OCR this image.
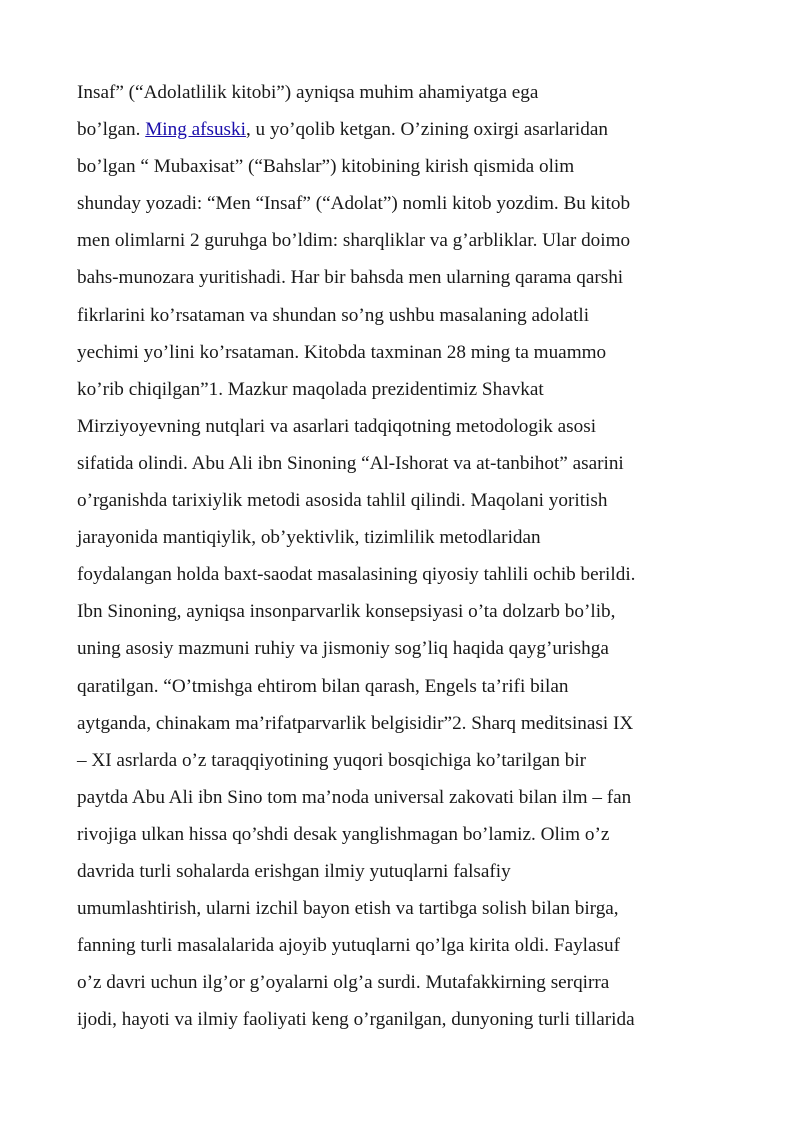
Insaf” (“Adolatlilik kitobi”) ayniqsa muhim ahamiyatga ega
bo’lgan. Ming afsuski, u yo’qolib ketgan. O’zining oxirgi asarlaridan
bo’lgan “ Mubaxisat” (“Bahslar”) kitobining kirish qismida olim
shunday yozadi: “Men “Insaf” (“Adolat”) nomli kitob yozdim. Bu kitob
men olimlarni 2 guruhga bo’ldim: sharqliklar va g’arbliklar. Ular doimo
bahs-munozara yuritishadi. Har bir bahsda men ularning qarama qarshi
fikrlarini ko’rsataman va shundan so’ng ushbu masalaning adolatli
yechimi yo’lini ko’rsataman. Kitobda taxminan 28 ming ta muammo
ko’rib chiqilgan”1. Mazkur maqolada prezidentimiz Shavkat
Mirziyoyevning nutqlari va asarlari tadqiqotning metodologik asosi
sifatida olindi. Abu Ali ibn Sinoning “Al-Ishorat va at-tanbihot” asarini
o’rganishda tarixiylik metodi asosida tahlil qilindi. Maqolani yoritish
jarayonida mantiqiylik, ob’yektivlik, tizimlilik metodlaridan
foydalangan holda baxt-saodat masalasining qiyosiy tahlili ochib berildi.
Ibn Sinoning, ayniqsa insonparvarlik konsepsiyasi o’ta dolzarb bo’lib,
uning asosiy mazmuni ruhiy va jismoniy sog’liq haqida qayg’urishga
qaratilgan. “O’tmishga ehtirom bilan qarash, Engels ta’rifi bilan
aytganda, chinakam ma’rifatparvarlik belgisidir”2. Sharq meditsinasi IX
– XI asrlarda o’z taraqqiyotining yuqori bosqichiga ko’tarilgan bir
paytda Abu Ali ibn Sino tom ma’noda universal zakovati bilan ilm – fan
rivojiga ulkan hissa qo’shdi desak yanglishmagan bo’lamiz. Olim o’z
davrida turli sohalarda erishgan ilmiy yutuqlarni falsafiy
umumlashtirish, ularni izchil bayon etish va tartibga solish bilan birga,
fanning turli masalalarida ajoyib yutuqlarni qo’lga kirita oldi. Faylasuf
o’z davri uchun ilg’or g’oyalarni olg’a surdi. Mutafakkirning serqirra
ijodi, hayoti va ilmiy faoliyati keng o’rganilgan, dunyoning turli tillarida
